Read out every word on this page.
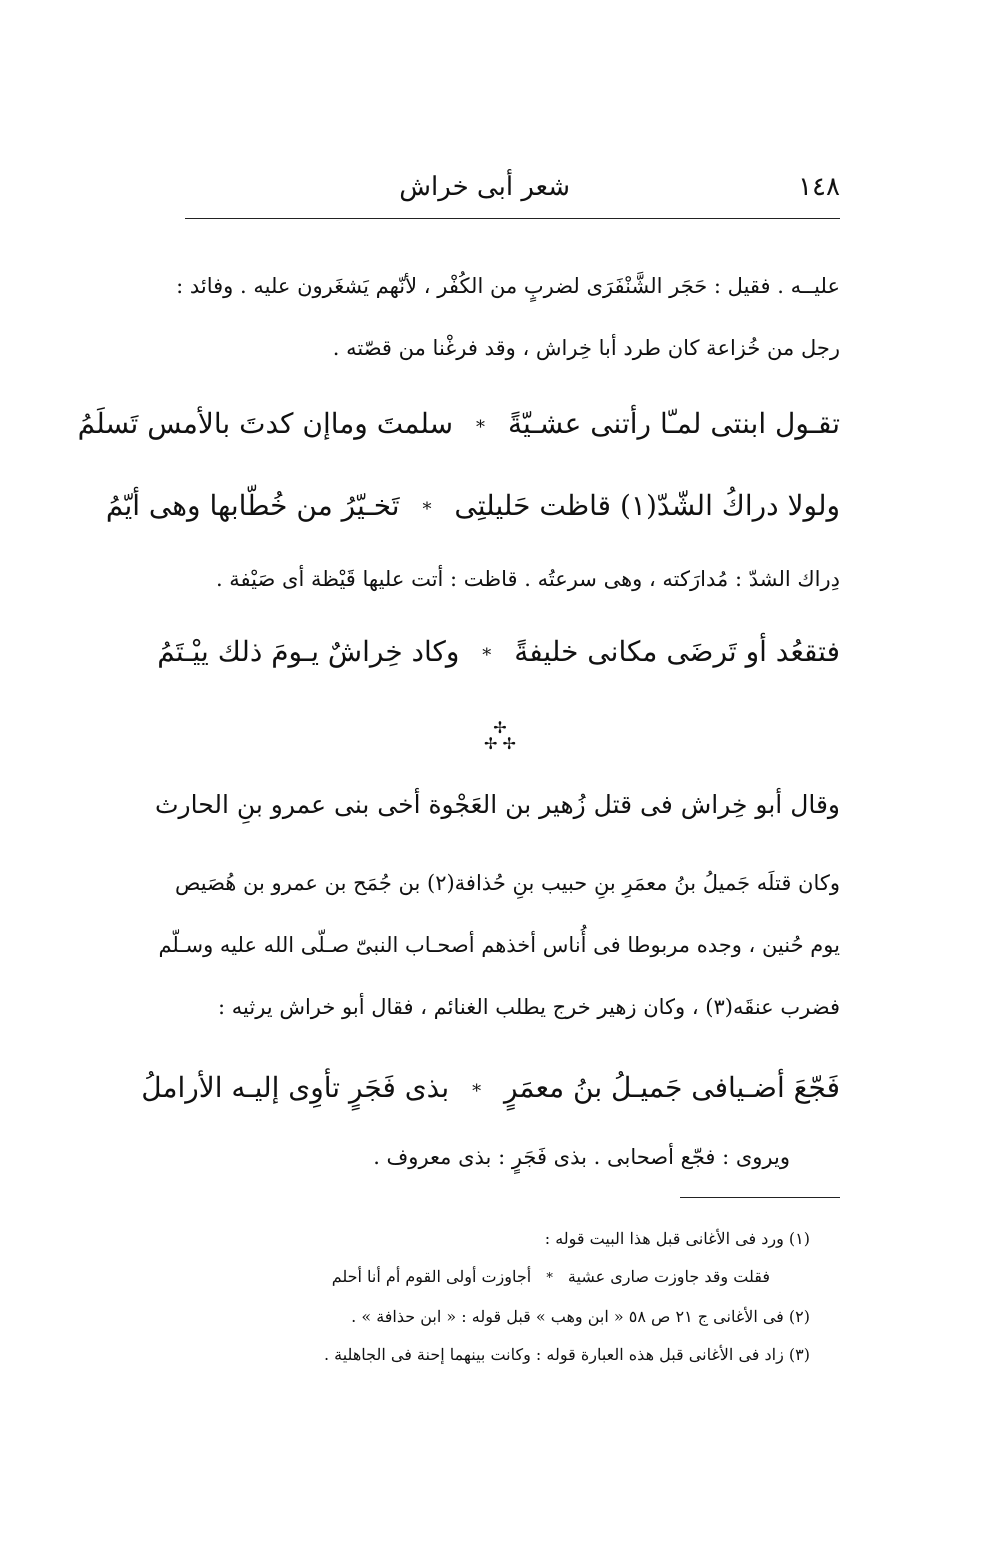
١٤٨
شعر أبى خراش
عليــه . فقيل : حَجَر الشَّنْفَرَى لضربٍ من الكُفْر ، لأنّهم يَشغَرون عليه . وفائد :
رجل من خُزاعة كان طرد أبا خِراش ، وقد فرغْنا من قصّته .
تقـول ابنتى لمـّا رأتنى عشـيّةً * سلمتَ وماإن كدتَ بالأمس تَسلَمُ
ولولا دراكُ الشّدّ(١) قاظت حَليلتِى * تَخـيّرُ من خُطّابها وهى أيّمُ
دِراك الشدّ : مُدارَكته ، وهى سرعتُه . قاظت : أتت عليها قَيْظة أى صَيْفة .
فتقعُد أو تَرضَى مكانى خليفةً * وكاد خِراشٌ يـومَ ذلك ييْـتَمُ
✢
✢ ✢
وقال أبو خِراش فى قتل زُهير بن العَجْوة أخى بنى عمرو بنِ الحارث
وكان قتلَه جَميلُ بنُ معمَرِ بنِ حبيب بنِ حُذافة(٢) بن جُمَح بن عمرو بن هُصَيص
يوم حُنين ، وجده مربوطا فى أُناس أخذهم أصحـاب النبىّ صـلّى الله عليه وسـلّم
فضرب عنقَه(٣) ، وكان زهير خرج يطلب الغنائم ، فقال أبو خراش يرثيه :
فَجّعَ أضـيافى جَميـلُ بنُ معمَرٍ * بذى فَجَرٍ تأوِى إليـه الأراملُ
ويروى : فجّع أصحابى . بذى فَجَرٍ : بذى معروف .
(١) ورد فى الأغانى قبل هذا البيت قوله :
فقلت وقد جاوزت صارى عشية * أجاوزت أولى القوم أم أنا أحلم
(٢) فى الأغانى ج ٢١ ص ٥٨ « ابن وهب » قبل قوله : « ابن حذافة » .
(٣) زاد فى الأغانى قبل هذه العبارة قوله : وكانت بينهما إحنة فى الجاهلية .
